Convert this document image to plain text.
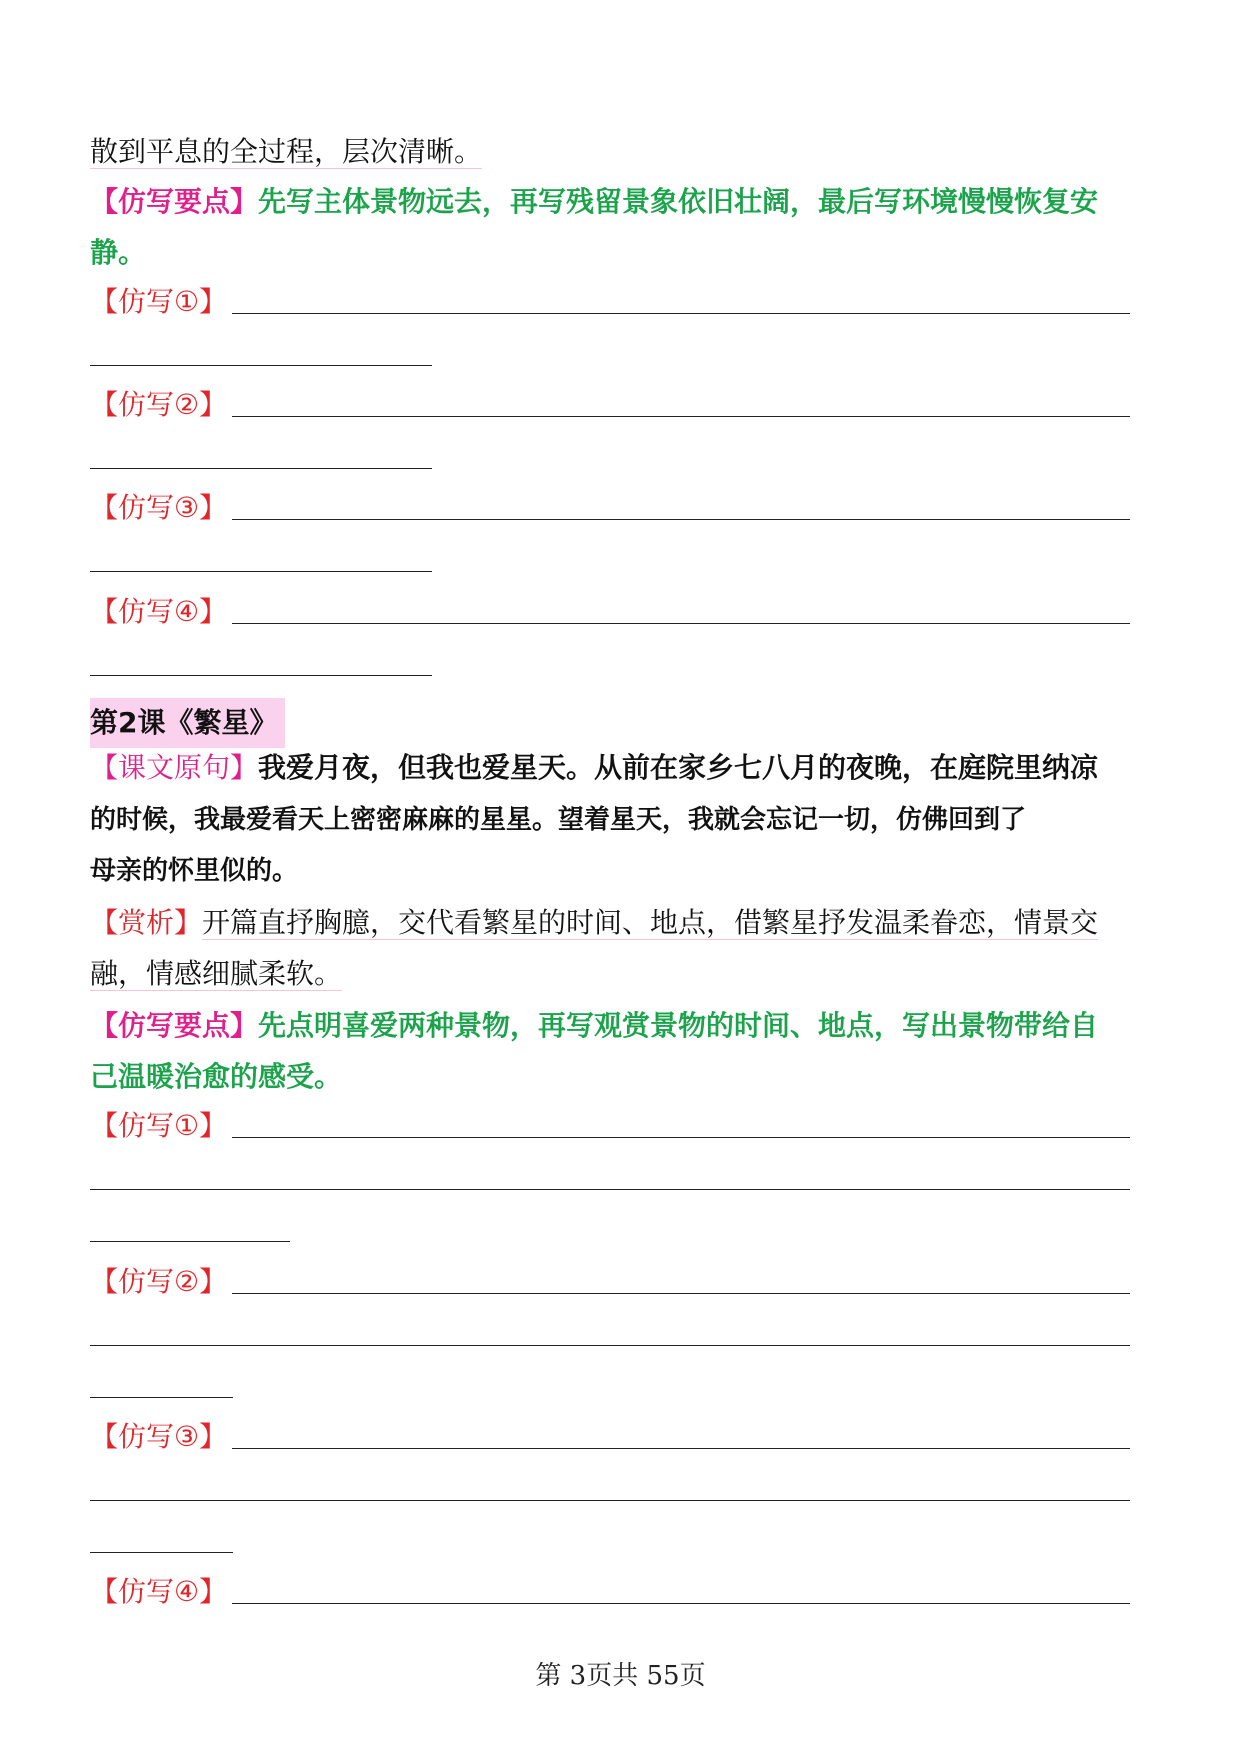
散到平息的全过程，层次清晰。
【仿写要点】先写主体景物远去，再写残留景象依旧壮阔，最后写环境慢慢恢复安
静。
【仿写①】
【仿写②】
【仿写③】
【仿写④】
第2课《繁星》
【课文原句】我爱月夜，但我也爱星天。从前在家乡七八月的夜晚，在庭院里纳凉
的时候，我最爱看天上密密麻麻的星星。望着星天，我就会忘记一切，仿佛回到了
母亲的怀里似的。
【赏析】开篇直抒胸臆，交代看繁星的时间、地点，借繁星抒发温柔眷恋，情景交
融，情感细腻柔软。
【仿写要点】先点明喜爱两种景物，再写观赏景物的时间、地点，写出景物带给自
己温暖治愈的感受。
【仿写①】
【仿写②】
【仿写③】
【仿写④】
第 3页共 55页
